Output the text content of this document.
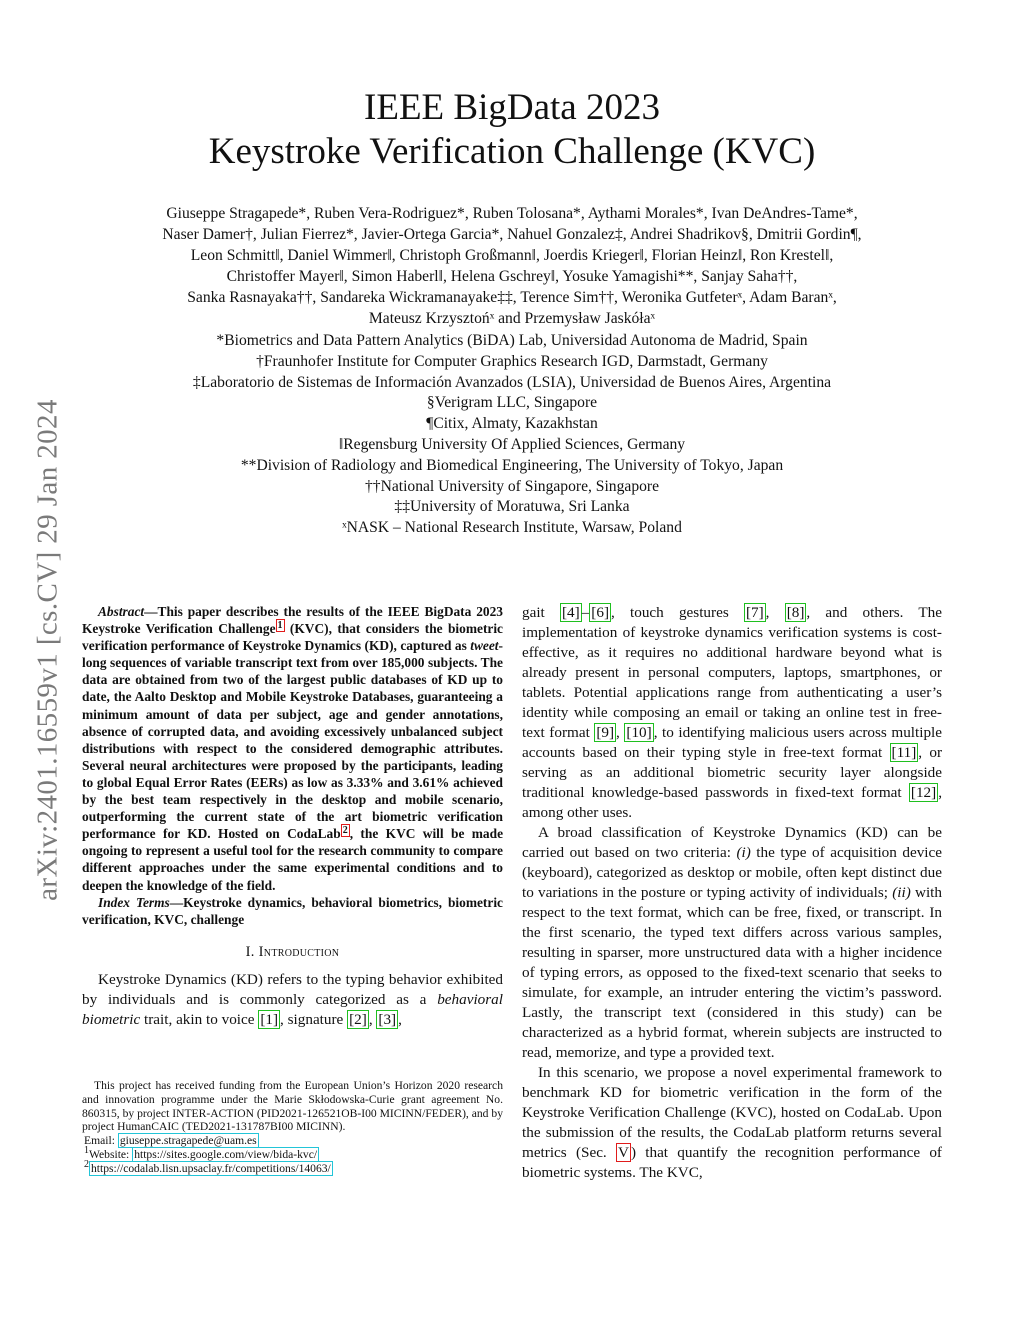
arXiv:2401.16559v1 [cs.CV] 29 Jan 2024
IEEE BigData 2023
Keystroke Verification Challenge (KVC)
Giuseppe Stragapede*, Ruben Vera-Rodriguez*, Ruben Tolosana*, Aythami Morales*, Ivan DeAndres-Tame*,
Naser Damer†, Julian Fierrez*, Javier-Ortega Garcia*, Nahuel Gonzalez‡, Andrei Shadrikov§, Dmitrii Gordin¶,
Leon Schmitt‖, Daniel Wimmer‖, Christoph Großmann‖, Joerdis Krieger‖, Florian Heinz‖, Ron Krestel‖,
Christoffer Mayer‖, Simon Haberl‖, Helena Gschrey‖, Yosuke Yamagishi**, Sanjay Saha††,
Sanka Rasnayaka††, Sandareka Wickramanayake‡‡, Terence Sim††, Weronika Gutfeterˣ, Adam Baranˣ,
Mateusz Krzysztońˣ and Przemysław Jaskółaˣ
*Biometrics and Data Pattern Analytics (BiDA) Lab, Universidad Autonoma de Madrid, Spain
†Fraunhofer Institute for Computer Graphics Research IGD, Darmstadt, Germany
‡Laboratorio de Sistemas de Información Avanzados (LSIA), Universidad de Buenos Aires, Argentina
§Verigram LLC, Singapore
¶Citix, Almaty, Kazakhstan
‖Regensburg University Of Applied Sciences, Germany
**Division of Radiology and Biomedical Engineering, The University of Tokyo, Japan
††National University of Singapore, Singapore
‡‡University of Moratuwa, Sri Lanka
ˣNASK – National Research Institute, Warsaw, Poland

Abstract—This paper describes the results of the IEEE BigData 2023 Keystroke Verification Challenge $^1$ (KVC), that considers the biometric verification performance of Keystroke Dynamics (KD), captured as tweet-long sequences of variable transcript text from over 185,000 subjects. The data are obtained from two of the largest public databases of KD up to date, the Aalto Desktop and Mobile Keystroke Databases, guaranteeing a minimum amount of data per subject, age and gender annotations, absence of corrupted data, and avoiding excessively unbalanced subject distributions with respect to the considered demographic attributes. Several neural architectures were proposed by the participants, leading to global Equal Error Rates (EERs) as low as 3.33% and 3.61% achieved by the best team respectively in the desktop and mobile scenario, outperforming the current state of the art biometric verification performance for KD. Hosted on CodaLab $^2$ , the KVC will be made ongoing to represent a useful tool for the research community to compare different approaches under the same experimental conditions and to deepen the knowledge of the field.

Index Terms—Keystroke dynamics, behavioral biometrics, biometric verification, KVC, challenge

I. Introduction

Keystroke Dynamics (KD) refers to the typing behavior exhibited by individuals and is commonly categorized as a behavioral biometric trait, akin to voice [1] , signature [2] , [3] ,

This project has received funding from the European Union’s Horizon 2020 research and innovation programme under the Marie Skłodowska-Curie grant agreement No. 860315, by project INTER-ACTION (PID2021-126521OB-I00 MICINN/FEDER), and by project HumanCAIC (TED2021-131787BI00 MICINN).

Email: giuseppe.stragapede@uam.es
$^1$Website: https://sites.google.com/view/bida-kvc/
$^2$ https://codalab.lisn.upsaclay.fr/competitions/14063/

gait [4] – [6] , touch gestures [7] , [8] , and others. The implementation of keystroke dynamics verification systems is cost-effective, as it requires no additional hardware beyond what is already present in personal computers, laptops, smartphones, or tablets. Potential applications range from authenticating a user’s identity while composing an email or taking an online test in free-text format [9] , [10] , to identifying malicious users across multiple accounts based on their typing style in free-text format [11] , or serving as an additional biometric security layer alongside traditional knowledge-based passwords in fixed-text format [12] , among other uses.

A broad classification of Keystroke Dynamics (KD) can be carried out based on two criteria: (i) the type of acquisition device (keyboard), categorized as desktop or mobile, often kept distinct due to variations in the posture or typing activity of individuals; (ii) with respect to the text format, which can be free, fixed, or transcript. In the first scenario, the typed text differs across various samples, resulting in sparser, more unstructured data with a higher incidence of typing errors, as opposed to the fixed-text scenario that seeks to simulate, for example, an intruder entering the victim’s password. Lastly, the transcript text (considered in this study) can be characterized as a hybrid format, wherein subjects are instructed to read, memorize, and type a provided text.

In this scenario, we propose a novel experimental framework to benchmark KD for biometric verification in the form of the Keystroke Verification Challenge (KVC), hosted on CodaLab. Upon the submission of the results, the CodaLab platform returns several metrics (Sec. V ) that quantify the recognition performance of biometric systems. The KVC,
